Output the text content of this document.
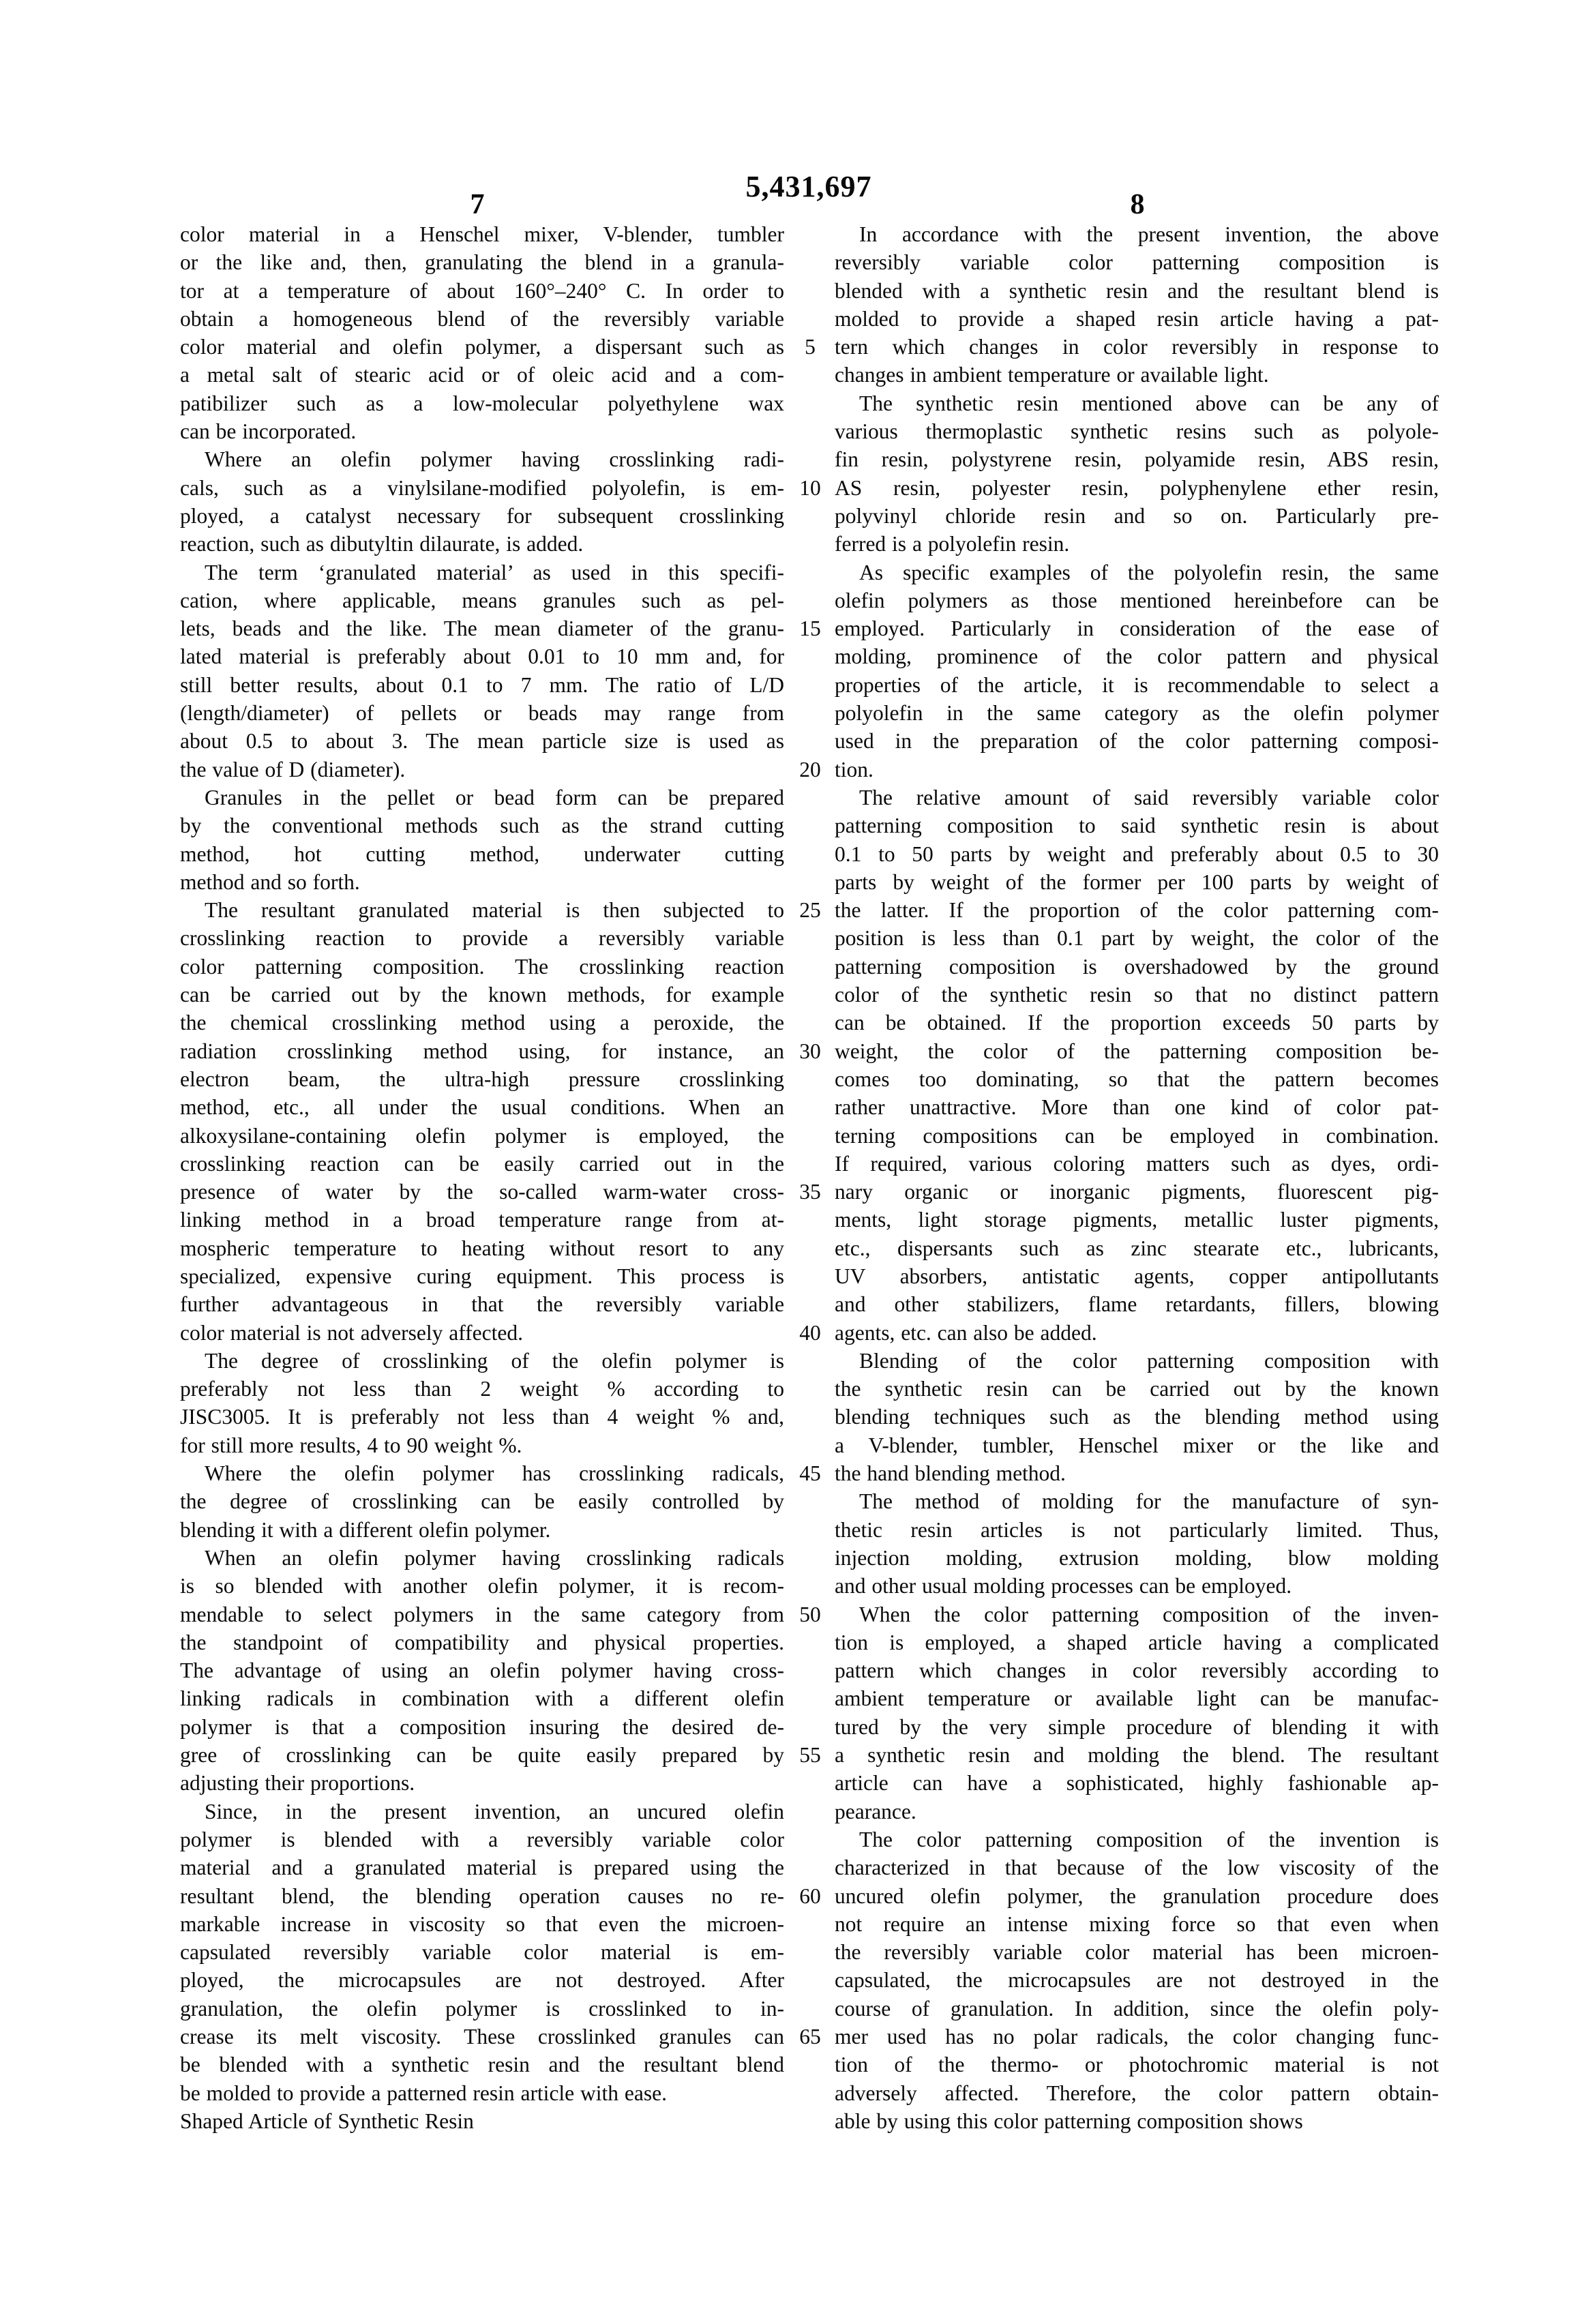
5,431,697
7	8
5
10
15
20
25
30
35
40
45
50
55
60
65
color material in a Henschel mixer, V-blender, tumbler
or the like and, then, granulating the blend in a granula-
tor at a temperature of about 160°–240° C. In order to
obtain a homogeneous blend of the reversibly variable
color material and olefin polymer, a dispersant such as
a metal salt of stearic acid or of oleic acid and a com-
patibilizer such as a low-molecular polyethylene wax
can be incorporated.
Where an olefin polymer having crosslinking radi-
cals, such as a vinylsilane-modified polyolefin, is em-
ployed, a catalyst necessary for subsequent crosslinking
reaction, such as dibutyltin dilaurate, is added.
The term ‘granulated material’ as used in this specifi-
cation, where applicable, means granules such as pel-
lets, beads and the like. The mean diameter of the granu-
lated material is preferably about 0.01 to 10 mm and, for
still better results, about 0.1 to 7 mm. The ratio of L/D
(length/diameter) of pellets or beads may range from
about 0.5 to about 3. The mean particle size is used as
the value of D (diameter).
Granules in the pellet or bead form can be prepared
by the conventional methods such as the strand cutting
method, hot cutting method, underwater cutting
method and so forth.
The resultant granulated material is then subjected to
crosslinking reaction to provide a reversibly variable
color patterning composition. The crosslinking reaction
can be carried out by the known methods, for example
the chemical crosslinking method using a peroxide, the
radiation crosslinking method using, for instance, an
electron beam, the ultra-high pressure crosslinking
method, etc., all under the usual conditions. When an
alkoxysilane-containing olefin polymer is employed, the
crosslinking reaction can be easily carried out in the
presence of water by the so-called warm-water cross-
linking method in a broad temperature range from at-
mospheric temperature to heating without resort to any
specialized, expensive curing equipment. This process is
further advantageous in that the reversibly variable
color material is not adversely affected.
The degree of crosslinking of the olefin polymer is
preferably not less than 2 weight % according to
JISC3005. It is preferably not less than 4 weight % and,
for still more results, 4 to 90 weight %.
Where the olefin polymer has crosslinking radicals,
the degree of crosslinking can be easily controlled by
blending it with a different olefin polymer.
When an olefin polymer having crosslinking radicals
is so blended with another olefin polymer, it is recom-
mendable to select polymers in the same category from
the standpoint of compatibility and physical properties.
The advantage of using an olefin polymer having cross-
linking radicals in combination with a different olefin
polymer is that a composition insuring the desired de-
gree of crosslinking can be quite easily prepared by
adjusting their proportions.
Since, in the present invention, an uncured olefin
polymer is blended with a reversibly variable color
material and a granulated material is prepared using the
resultant blend, the blending operation causes no re-
markable increase in viscosity so that even the microen-
capsulated reversibly variable color material is em-
ployed, the microcapsules are not destroyed. After
granulation, the olefin polymer is crosslinked to in-
crease its melt viscosity. These crosslinked granules can
be blended with a synthetic resin and the resultant blend
be molded to provide a patterned resin article with ease.
Shaped Article of Synthetic Resin
In accordance with the present invention, the above
reversibly variable color patterning composition is
blended with a synthetic resin and the resultant blend is
molded to provide a shaped resin article having a pat-
tern which changes in color reversibly in response to
changes in ambient temperature or available light.
The synthetic resin mentioned above can be any of
various thermoplastic synthetic resins such as polyole-
fin resin, polystyrene resin, polyamide resin, ABS resin,
AS resin, polyester resin, polyphenylene ether resin,
polyvinyl chloride resin and so on. Particularly pre-
ferred is a polyolefin resin.
As specific examples of the polyolefin resin, the same
olefin polymers as those mentioned hereinbefore can be
employed. Particularly in consideration of the ease of
molding, prominence of the color pattern and physical
properties of the article, it is recommendable to select a
polyolefin in the same category as the olefin polymer
used in the preparation of the color patterning composi-
tion.
The relative amount of said reversibly variable color
patterning composition to said synthetic resin is about
0.1 to 50 parts by weight and preferably about 0.5 to 30
parts by weight of the former per 100 parts by weight of
the latter. If the proportion of the color patterning com-
position is less than 0.1 part by weight, the color of the
patterning composition is overshadowed by the ground
color of the synthetic resin so that no distinct pattern
can be obtained. If the proportion exceeds 50 parts by
weight, the color of the patterning composition be-
comes too dominating, so that the pattern becomes
rather unattractive. More than one kind of color pat-
terning compositions can be employed in combination.
If required, various coloring matters such as dyes, ordi-
nary organic or inorganic pigments, fluorescent pig-
ments, light storage pigments, metallic luster pigments,
etc., dispersants such as zinc stearate etc., lubricants,
UV absorbers, antistatic agents, copper antipollutants
and other stabilizers, flame retardants, fillers, blowing
agents, etc. can also be added.
Blending of the color patterning composition with
the synthetic resin can be carried out by the known
blending techniques such as the blending method using
a V-blender, tumbler, Henschel mixer or the like and
the hand blending method.
The method of molding for the manufacture of syn-
thetic resin articles is not particularly limited. Thus,
injection molding, extrusion molding, blow molding
and other usual molding processes can be employed.
When the color patterning composition of the inven-
tion is employed, a shaped article having a complicated
pattern which changes in color reversibly according to
ambient temperature or available light can be manufac-
tured by the very simple procedure of blending it with
a synthetic resin and molding the blend. The resultant
article can have a sophisticated, highly fashionable ap-
pearance.
The color patterning composition of the invention is
characterized in that because of the low viscosity of the
uncured olefin polymer, the granulation procedure does
not require an intense mixing force so that even when
the reversibly variable color material has been microen-
capsulated, the microcapsules are not destroyed in the
course of granulation. In addition, since the olefin poly-
mer used has no polar radicals, the color changing func-
tion of the thermo- or photochromic material is not
adversely affected. Therefore, the color pattern obtain-
able by using this color patterning composition shows
